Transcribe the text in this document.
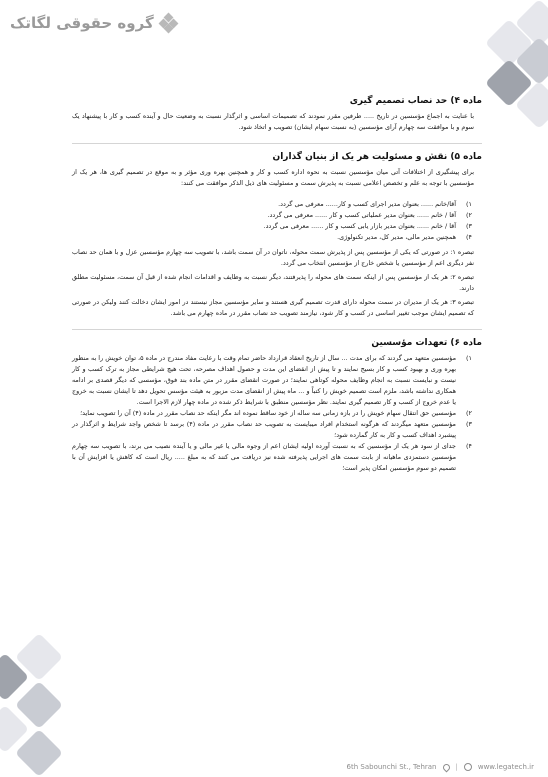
گروه حقوقی لگاتک
ماده ۴) حد نصاب تصمیم گیری
با عنایت به اجماع مؤسسین در تاریخ ..... طرفین مقرر نمودند که تصمیمات اساسی و اثرگذار نسبت به وضعیت حال و آینده کسب و کار با پیشنهاد یک سوم و با موافقت سه چهارم آرای مؤسسین (به نسبت سهام ایشان) تصویب و اتخاذ شود.
ماده ۵) نقش و مسئولیت هر یک از بنیان گذاران
برای پیشگیری از اختلافات آتی میان مؤسسین نسبت به نحوه اداره کسب و کار و همچنین بهره وری مؤثر و به موقع در تصمیم گیری ها، هر یک از مؤسسین با توجه به علم و تخصص اعلامی نسبت به پذیرش سمت و مسئولیت های ذیل الذکر موافقت می کنند:
۱)
آقا/خانم ...... بعنوان مدیر اجرای کسب و کار...... معرفی می گردد.
۲)
آقا / خانم ...... بعنوان مدیر عملیاتی کسب و کار ...... معرفی می گردد.
۳)
آقا / خانم ...... بعنوان مدیر بازار یابی کسب و کار ...... معرفی می گردد.
۴)
همچنین مدیر مالی، مدیر کل، مدیر تکنولوژی.
تبصره ۱: در صورتی که یکی از مؤسسین پس از پذیرش سمت محوله، ناتوان در آن سمت باشد، با تصویب سه چهارم مؤسسین عزل و با همان حد نصاب نفر دیگری اعم از مؤسسین یا شخص خارج از مؤسسین انتخاب می گردد.
تبصره ۲: هر یک از مؤسسین پس از اینکه سمت های محوله را پذیرفتند، دیگر نسبت به وظایف و اقدامات انجام شده از قبل آن سمت، مسئولیت مطلق دارند.
تبصره ۳: هر یک از مدیران در سمت محوله دارای قدرت تصمیم گیری هستند و سایر مؤسسین مجاز نیستند در امور ایشان دخالت کنند ولیکن در صورتی که تصمیم ایشان موجب تغییر اساسی در کسب و کار شود، نیازمند تصویب حد نصاب مقرر در ماده چهارم می باشد.
ماده ۶) تعهدات مؤسسین
۱)
مؤسسین متعهد می گردند که برای مدت ... سال از تاریخ انعقاد قرارداد حاضر تمام وقت با رعایت مفاد مندرج در ماده ۵، توان خویش را به منظور بهره وری و بهبود کسب و کار بسیج نمایند و تا پیش از انقضای این مدت و حصول اهداف مصرحه، تحت هیچ شرایطی مجاز به ترک کسب و کار نیست و نبایست نسبت به انجام وظایف محوله کوتاهی نمایند؛ در صورت انقضای مقرر در متن ماده بند فوق، مؤسسی که دیگر قصدی بر ادامه همکاری نداشته باشد، ملزم است تصمیم خویش را کتباً و ... ماه پیش از انقضای مدت مزبور به هیئت مؤسس تحویل دهد تا ایشان نسبت به خروج یا عدم خروج از کسب و کار تصمیم گیری نمایند. نظر مؤسسین منطبق با شرایط ذکر شده در ماده چهار لازم الاجرا است.
۲)
مؤسسین حق انتقال سهام خویش را در بازه زمانی سه ساله از خود ساقط نموده اند مگر اینکه حد نصاب مقرر در ماده (۴) آن را تصویب نماید؛
۳)
مؤسسین متعهد میگردند که هرگونه استخدام افراد میبایست به تصویب حد نصاب مقرر در ماده (۴) برسد تا شخص واجد شرایط و اثرگذار در پیشبرد اهداف کسب و کار به کار گمارده شود؛
۴)
جدای از سود هر یک از مؤسسین که به نسبت آورده اولیه ایشان اعم از وجوه مالی یا غیر مالی و یا آینده نصیب می برند، با تصویب سه چهارم مؤسسین دستمزدی ماهیانه از بابت سمت های اجرایی پذیرفته شده نیز دریافت می کنند که به مبلغ ..... ریال است که کاهش یا افزایش آن با تصمیم دو سوم مؤسسین امکان پذیر است؛
6th Sabounchi St., Tehran	|	www.legatech.ir
